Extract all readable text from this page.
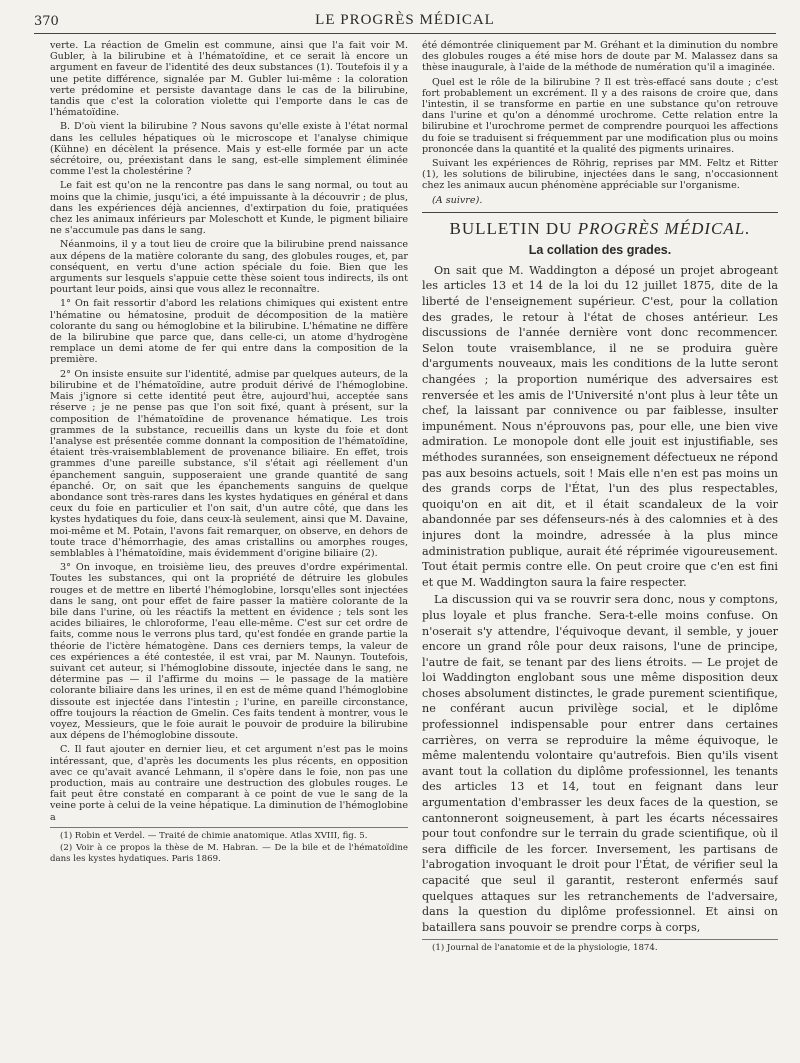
370	LE PROGRÈS MÉDICAL

verte. La réaction de Gmelin est commune, ainsi que l'a fait voir M. Gubler, à la bilirubine et à l'hématoïdine, et ce serait là encore un argument en faveur de l'identité des deux substances (1). Toutefois il y a une petite différence, signalée par M. Gubler lui-même : la coloration verte prédomine et persiste davantage dans le cas de la bilirubine, tandis que c'est la coloration violette qui l'emporte dans le cas de l'hématoïdine.

B. D'où vient la bilirubine ? Nous savons qu'elle existe à l'état normal dans les cellules hépatiques où le microscope et l'analyse chimique (Kühne) en décèlent la présence. Mais y est-elle formée par un acte sécrétoire, ou, préexistant dans le sang, est-elle simplement éliminée comme l'est la cholestérine ?

Le fait est qu'on ne la rencontre pas dans le sang normal, ou tout au moins que la chimie, jusqu'ici, a été impuissante à la découvrir ; de plus, dans les expériences déjà anciennes, d'extirpation du foie, pratiquées chez les animaux inférieurs par Moleschott et Kunde, le pigment biliaire ne s'accumule pas dans le sang.

Néanmoins, il y a tout lieu de croire que la bilirubine prend naissance aux dépens de la matière colorante du sang, des globules rouges, et, par conséquent, en vertu d'une action spéciale du foie. Bien que les arguments sur lesquels s'appuie cette thèse soient tous indirects, ils ont pourtant leur poids, ainsi que vous allez le reconnaître.

1° On fait ressortir d'abord les relations chimiques qui existent entre l'hématine ou hématosine, produit de décomposition de la matière colorante du sang ou hémoglobine et la bilirubine. L'hématine ne diffère de la bilirubine que parce que, dans celle-ci, un atome d'hydrogène remplace un demi atome de fer qui entre dans la composition de la première.

2° On insiste ensuite sur l'identité, admise par quelques auteurs, de la bilirubine et de l'hématoïdine, autre produit dérivé de l'hémoglobine. Mais j'ignore si cette identité peut être, aujourd'hui, acceptée sans réserve ; je ne pense pas que l'on soit fixé, quant à présent, sur la composition de l'hématoïdine de provenance hématique. Les trois grammes de la substance, recueillis dans un kyste du foie et dont l'analyse est présentée comme donnant la composition de l'hématoïdine, étaient très-vraisemblablement de provenance biliaire. En effet, trois grammes d'une pareille substance, s'il s'était agi réellement d'un épanchement sanguin, supposeraient une grande quantité de sang épanché. Or, on sait que les épanchements sanguins de quelque abondance sont très-rares dans les kystes hydatiques en général et dans ceux du foie en particulier et l'on sait, d'un autre côté, que dans les kystes hydatiques du foie, dans ceux-là seulement, ainsi que M. Davaine, moi-même et M. Potain, l'avons fait remarquer, on observe, en dehors de toute trace d'hémorrhagie, des amas cristallins ou amorphes rouges, semblables à l'hématoïdine, mais évidemment d'origine biliaire (2).

3° On invoque, en troisième lieu, des preuves d'ordre expérimental. Toutes les substances, qui ont la propriété de détruire les globules rouges et de mettre en liberté l'hémoglobine, lorsqu'elles sont injectées dans le sang, ont pour effet de faire passer la matière colorante de la bile dans l'urine, où les réactifs la mettent en évidence ; tels sont les acides biliaires, le chloroforme, l'eau elle-même. C'est sur cet ordre de faits, comme nous le verrons plus tard, qu'est fondée en grande partie la théorie de l'ictère hématogène. Dans ces derniers temps, la valeur de ces expériences a été contestée, il est vrai, par M. Naunyn. Toutefois, suivant cet auteur, si l'hémoglobine dissoute, injectée dans le sang, ne détermine pas — il l'affirme du moins — le passage de la matière colorante biliaire dans les urines, il en est de même quand l'hémoglobine dissoute est injectée dans l'intestin ; l'urine, en pareille circonstance, offre toujours la réaction de Gmelin. Ces faits tendent à montrer, vous le voyez, Messieurs, que le foie aurait le pouvoir de produire la bilirubine aux dépens de l'hémoglobine dissoute.

C. Il faut ajouter en dernier lieu, et cet argument n'est pas le moins intéressant, que, d'après les documents les plus récents, en opposition avec ce qu'avait avancé Lehmann, il s'opère dans le foie, non pas une production, mais au contraire une destruction des globules rouges. Le fait peut être constaté en comparant à ce point de vue le sang de la veine porte à celui de la veine hépatique. La diminution de l'hémoglobine a

(1) Robin et Verdel. — Traité de chimie anatomique. Atlas XVIII, fig. 5.

(2) Voir à ce propos la thèse de M. Habran. — De la bile et de l'hématoïdine dans les kystes hydatiques. Paris 1869.

été démontrée cliniquement par M. Gréhant et la diminution du nombre des globules rouges a été mise hors de doute par M. Malassez dans sa thèse inaugurale, à l'aide de la méthode de numération qu'il a imaginée.

Quel est le rôle de la bilirubine ? Il est très-effacé sans doute ; c'est fort probablement un excrément. Il y a des raisons de croire que, dans l'intestin, il se transforme en partie en une substance qu'on retrouve dans l'urine et qu'on a dénommé urochrome. Cette relation entre la bilirubine et l'urochrome permet de comprendre pourquoi les affections du foie se traduisent si fréquemment par une modification plus ou moins prononcée dans la quantité et la qualité des pigments urinaires.

Suivant les expériences de Röhrig, reprises par MM. Feltz et Ritter (1), les solutions de bilirubine, injectées dans le sang, n'occasionnent chez les animaux aucun phénomène appréciable sur l'organisme.

(A suivre).

BULLETIN DU PROGRÈS MÉDICAL.
La collation des grades.

On sait que M. Waddington a déposé un projet abrogeant les articles 13 et 14 de la loi du 12 juillet 1875, dite de la liberté de l'enseignement supérieur. C'est, pour la collation des grades, le retour à l'état de choses antérieur. Les discussions de l'année dernière vont donc recommencer. Selon toute vraisemblance, il ne se produira guère d'arguments nouveaux, mais les conditions de la lutte seront changées ; la proportion numérique des adversaires est renversée et les amis de l'Université n'ont plus à leur tête un chef, la laissant par connivence ou par faiblesse, insulter impunément. Nous n'éprouvons pas, pour elle, une bien vive admiration. Le monopole dont elle jouit est injustifiable, ses méthodes surannées, son enseignement défectueux ne répond pas aux besoins actuels, soit ! Mais elle n'en est pas moins un des grands corps de l'État, l'un des plus respectables, quoiqu'on en ait dit, et il était scandaleux de la voir abandonnée par ses défenseurs-nés à des calomnies et à des injures dont la moindre, adressée à la plus mince administration publique, aurait été réprimée vigoureusement. Tout était permis contre elle. On peut croire que c'en est fini et que M. Waddington saura la faire respecter.

La discussion qui va se rouvrir sera donc, nous y comptons, plus loyale et plus franche. Sera-t-elle moins confuse. On n'oserait s'y attendre, l'équivoque devant, il semble, y jouer encore un grand rôle pour deux raisons, l'une de principe, l'autre de fait, se tenant par des liens étroits. — Le projet de loi Waddington englobant sous une même disposition deux choses absolument distinctes, le grade purement scientifique, ne conférant aucun privilège social, et le diplôme professionnel indispensable pour entrer dans certaines carrières, on verra se reproduire la même équivoque, le même malentendu volontaire qu'autrefois. Bien qu'ils visent avant tout la collation du diplôme professionnel, les tenants des articles 13 et 14, tout en feignant dans leur argumentation d'embrasser les deux faces de la question, se cantonneront soigneusement, à part les écarts nécessaires pour tout confondre sur le terrain du grade scientifique, où il sera difficile de les forcer. Inversement, les partisans de l'abrogation invoquant le droit pour l'État, de vérifier seul la capacité que seul il garantit, resteront enfermés sauf quelques attaques sur les retranchements de l'adversaire, dans la question du diplôme professionnel. Et ainsi on bataillera sans pouvoir se prendre corps à corps,

(1) Journal de l'anatomie et de la physiologie, 1874.
